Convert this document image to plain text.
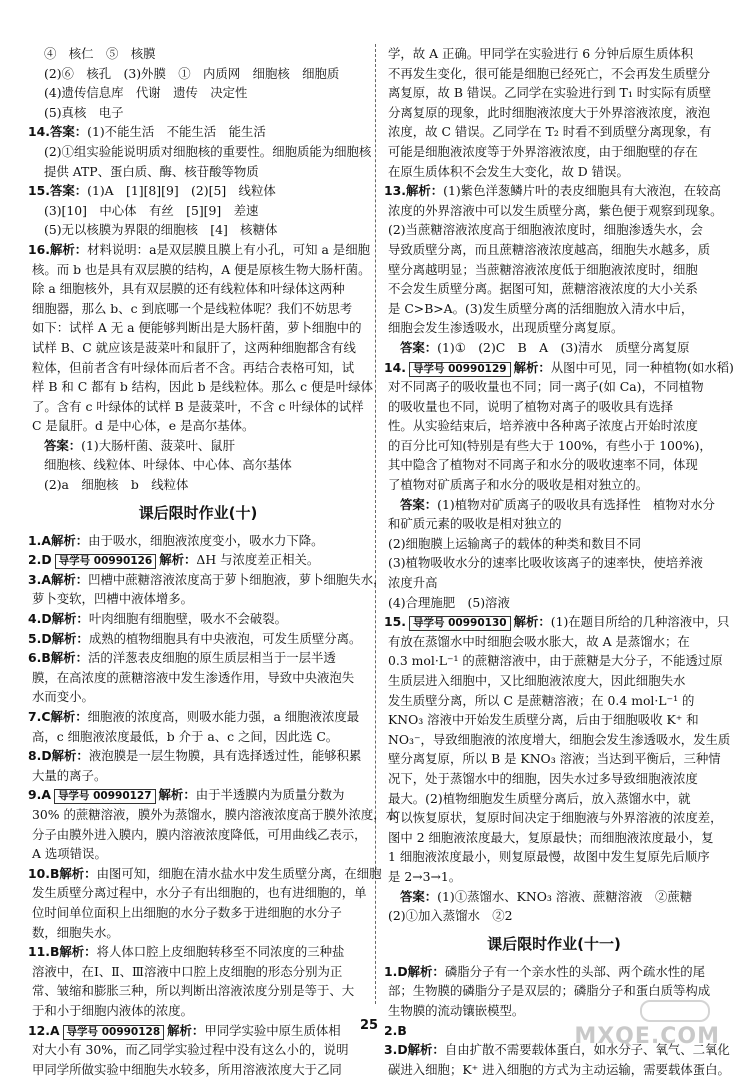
④　核仁　⑤　核膜

(2)⑥　核孔　(3)外膜　①　内质网　细胞核　细胞质

(4)遗传信息库　代谢　遗传　决定性

(5)真核　电子

14.答案：(1)不能生活　不能生活　能生活

(2)①组实验能说明质对细胞核的重要性。细胞质能为细胞核

提供 ATP、蛋白质、酶、核苷酸等物质

15.答案：(1)A　[1][8][9]　(2)[5]　线粒体

(3)[10]　中心体　有丝　[5][9]　差速

(5)无以核膜为界限的细胞核　[4]　核糖体

16.解析：材料说明：a是双层膜且膜上有小孔，可知 a 是细胞

核。而 b 也是具有双层膜的结构，A 便是原核生物大肠杆菌。

除 a 细胞核外，具有双层膜的还有线粒体和叶绿体这两种

细胞器，那么 b、c 到底哪一个是线粒体呢？我们不妨思考

如下：试样 A 无 a 便能够判断出是大肠杆菌，萝卜细胞中的

试样 B、C 就应该是菠菜叶和鼠肝了，这两种细胞都含有线

粒体，但前者含有叶绿体而后者不含。再结合表格可知，试

样 B 和 C 都有 b 结构，因此 b 是线粒体。那么 c 便是叶绿体

了。含有 c 叶绿体的试样 B 是菠菜叶，不含 c 叶绿体的试样

C 是鼠肝。d 是中心体，e 是高尔基体。

答案：(1)大肠杆菌、菠菜叶、鼠肝

细胞核、线粒体、叶绿体、中心体、高尔基体

(2)a　细胞核　b　线粒体

课后限时作业(十)

1.A解析：由于吸水，细胞液浓度变小，吸水力下降。

2.D 导学号 00990126 解析：ΔH 与浓度差正相关。

3.A解析：凹槽中蔗糖溶液浓度高于萝卜细胞液，萝卜细胞失水，

萝卜变软，凹槽中液体增多。

4.D解析：叶肉细胞有细胞壁，吸水不会破裂。

5.D解析：成熟的植物细胞具有中央液泡，可发生质壁分离。

6.B解析：活的洋葱表皮细胞的原生质层相当于一层半透

膜，在高浓度的蔗糖溶液中发生渗透作用，导致中央液泡失

水而变小。

7.C解析：细胞液的浓度高，则吸水能力强，a 细胞液浓度最

高，c 细胞液浓度最低，b 介于 a、c 之间，因此选 C。

8.D解析：液泡膜是一层生物膜，具有选择透过性，能够积累

大量的离子。

9.A 导学号 00990127 解析：由于半透膜内为质量分数为

30% 的蔗糖溶液，膜外为蒸馏水，膜内溶液浓度高于膜外浓度，水

分子由膜外进入膜内，膜内溶液浓度降低，可用曲线乙表示，

A 选项错误。

10.B解析：由图可知，细胞在清水盐水中发生质壁分离，在细胞

发生质壁分离过程中，水分子有出细胞的，也有进细胞的，单

位时间单位面积上出细胞的水分子数多于进细胞的水分子

数，细胞失水。

11.B解析：将人体口腔上皮细胞转移至不同浓度的三种盐

溶液中，在Ⅰ、Ⅱ、Ⅲ溶液中口腔上皮细胞的形态分别为正

常、皱缩和膨胀三种，所以判断出溶液浓度分别是等于、大

于和小于细胞内液体的浓度。

12.A 导学号 00990128 解析：甲同学实验中原生质体相

对大小有 30%，而乙同学实验过程中没有这么小的，说明

甲同学所做实验中细胞失水较多，所用溶液浓度大于乙同

学，故 A 正确。甲同学在实验进行 6 分钟后原生质体积

不再发生变化，很可能是细胞已经死亡，不会再发生质壁分

离复原，故 B 错误。乙同学在实验进行到 T₁ 时实际有质壁

分离复原的现象，此时细胞液浓度大于外界溶液浓度，液泡

浓度，故 C 错误。乙同学在 T₂ 时看不到质壁分离现象，有

可能是细胞液浓度等于外界溶液浓度，由于细胞壁的存在

在原生质体积不会发生大变化，故 D 错误。

13.解析：(1)紫色洋葱鳞片叶的表皮细胞具有大液泡，在较高

浓度的外界溶液中可以发生质壁分离，紫色便于观察到现象。

(2)当蔗糖溶液浓度高于细胞液浓度时，细胞渗透失水，会

导致质壁分离，而且蔗糖溶液浓度越高，细胞失水越多，质

壁分离越明显；当蔗糖溶液浓度低于细胞液浓度时，细胞

不会发生质壁分离。据图可知，蔗糖溶液浓度的大小关系

是 C>B>A。(3)发生质壁分离的活细胞放入清水中后，

细胞会发生渗透吸水，出现质壁分离复原。

答案：(1)①　(2)C　B　A　(3)清水　质壁分离复原

14. 导学号 00990129 解析：从图中可见，同一种植物(如水稻)

对不同离子的吸收量也不同；同一离子(如 Ca)，不同植物

的吸收量也不同，说明了植物对离子的吸收具有选择

性。从实验结束后，培养液中各种离子浓度占开始时浓度

的百分比可知(特别是有些大于 100%，有些小于 100%)，

其中隐含了植物对不同离子和水分的吸收速率不同，体现

了植物对矿质离子和水分的吸收是相对独立的。

答案：(1)植物对矿质离子的吸收具有选择性　植物对水分

和矿质元素的吸收是相对独立的

(2)细胞膜上运输离子的载体的种类和数目不同

(3)植物吸收水分的速率比吸收该离子的速率快，使培养液

浓度升高

(4)合理施肥　(5)溶液

15. 导学号 00990130 解析：(1)在题目所给的几种溶液中，只

有放在蒸馏水中时细胞会吸水胀大，故 A 是蒸馏水；在

0.3 mol·L⁻¹ 的蔗糖溶液中，由于蔗糖是大分子，不能透过原

生质层进入细胞中，又比细胞液浓度大，因此细胞失水

发生质壁分离，所以 C 是蔗糖溶液；在 0.4 mol·L⁻¹ 的

KNO₃ 溶液中开始发生质壁分离，后由于细胞吸收 K⁺ 和

NO₃⁻，导致细胞液的浓度增大，细胞会发生渗透吸水，发生质

壁分离复原，所以 B 是 KNO₃ 溶液；当达到平衡后，三种情

况下，处于蒸馏水中的细胞，因失水过多导致细胞液浓度

最大。(2)植物细胞发生质壁分离后，放入蒸馏水中，就

可以恢复原状，复原时间决定于细胞液与外界溶液的浓度差，

图中 2 细胞液浓度最大，复原最快；而细胞液浓度最小，复

1 细胞液浓度最小，则复原最慢，故图中发生复原先后顺序

是 2→3→1。

答案：(1)①蒸馏水、KNO₃ 溶液、蔗糖溶液　②蔗糖

(2)①加入蒸馏水　②2

课后限时作业(十一)

1.D解析：磷脂分子有一个亲水性的头部、两个疏水性的尾

部；生物膜的磷脂分子是双层的；磷脂分子和蛋白质等构成

生物膜的流动镶嵌模型。

2.B

3.D解析：自由扩散不需要载体蛋白，如水分子、氧气、二氧化

碳进入细胞；K⁺ 进入细胞的方式为主动运输，需要载体蛋白。

25	MXQE.COM
